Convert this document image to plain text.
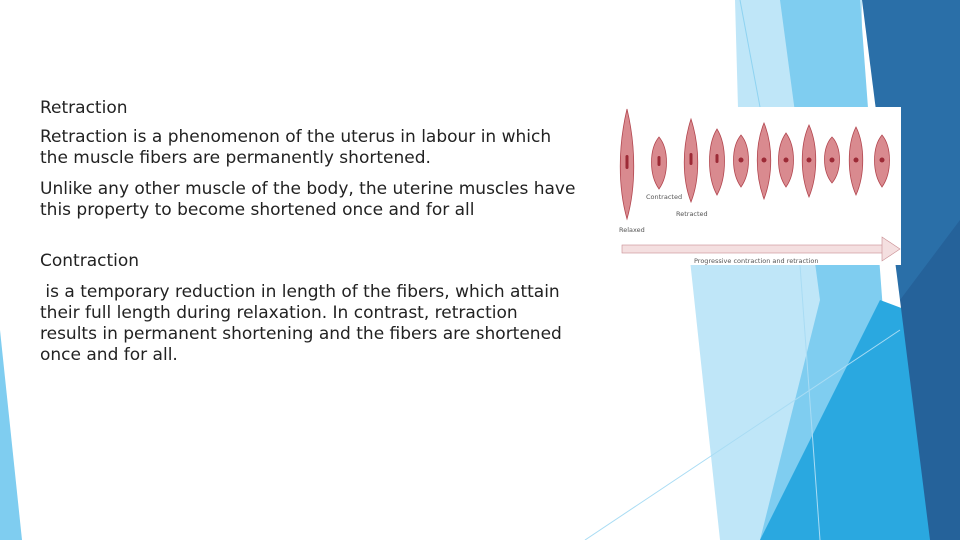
Retraction

Retraction is a phenomenon of the uterus in labour in which the muscle fibers are permanently shortened.

Unlike any other muscle of the body, the uterine muscles have this property to become shortened once and for all

Contraction

is a temporary reduction in length of the fibers, which attain their full length during relaxation. In contrast, retraction results in permanent shortening and the fibers are shortened once and for all.

Contracted
Retracted
Relaxed
Progressive contraction and retraction
